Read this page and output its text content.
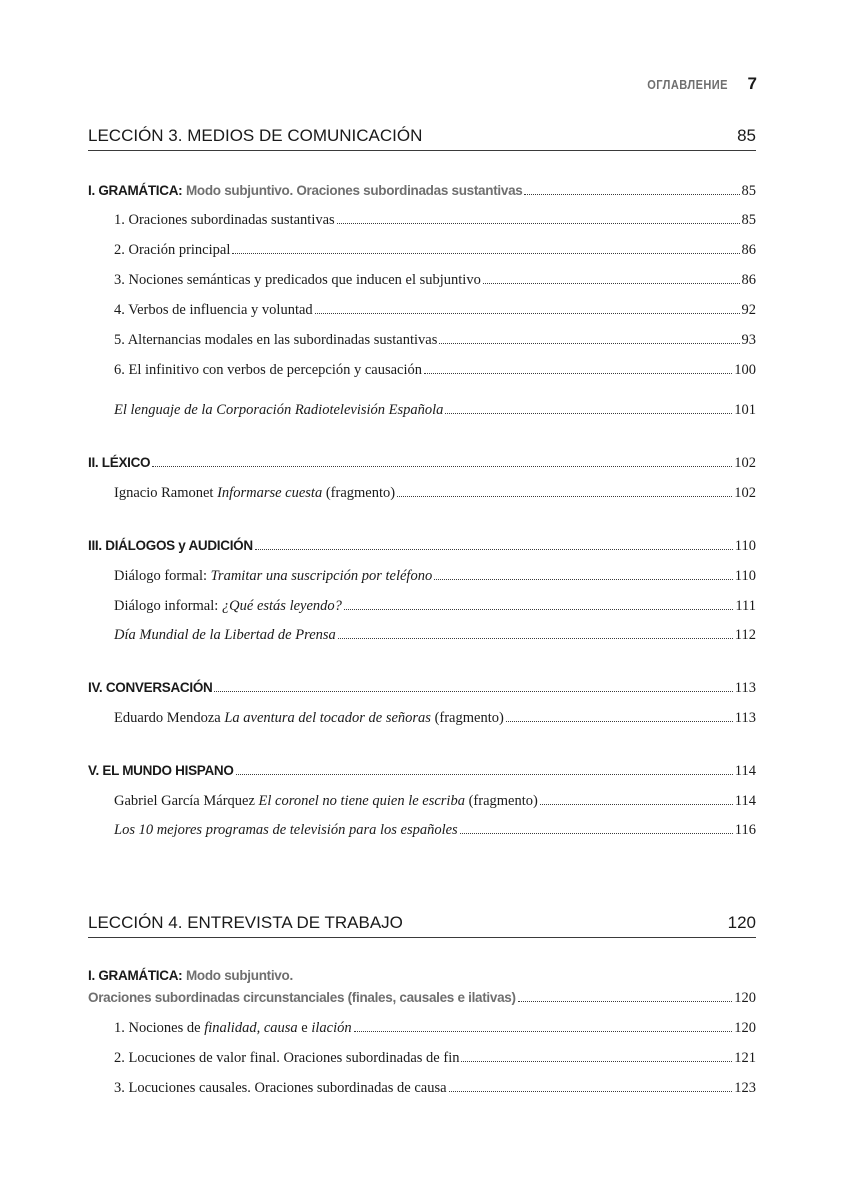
ОГЛАВЛЕНИЕ 7
LECCIÓN 3. MEDIOS DE COMUNICACIÓN	85
I. GRAMÁTICA:
Modo subjuntivo. Oraciones subordinadas sustantivas	85
1. Oraciones subordinadas sustantivas	85
2. Oración principal	86
3. Nociones semánticas y predicados que inducen el subjuntivo	86
4. Verbos de influencia y voluntad	92
5. Alternancias modales en las subordinadas sustantivas	93
6. El infinitivo con verbos de percepción y causación	100
El lenguaje de la Corporación Radiotelevisión Española	101
II. LÉXICO	102
Ignacio Ramonet Informarse cuesta (fragmento)	102
III. DIÁLOGOS y AUDICIÓN	110
Diálogo formal: Tramitar una suscripción por teléfono	110
Diálogo informal: ¿Qué estás leyendo?	111
Día Mundial de la Libertad de Prensa	112
IV. CONVERSACIÓN	113
Eduardo Mendoza La aventura del tocador de señoras (fragmento)	113
V. EL MUNDO HISPANO	114
Gabriel García Márquez El coronel no tiene quien le escriba (fragmento)	114
Los 10 mejores programas de televisión para los españoles	116
LECCIÓN 4. ENTREVISTA DE TRABAJO	120
I. GRAMÁTICA:
Modo subjuntivo.
Oraciones subordinadas circunstanciales (finales, causales e ilativas)	120
1. Nociones de finalidad, causa e ilación	120
2. Locuciones de valor final. Oraciones subordinadas de fin	121
3. Locuciones causales. Oraciones subordinadas de causa	123
